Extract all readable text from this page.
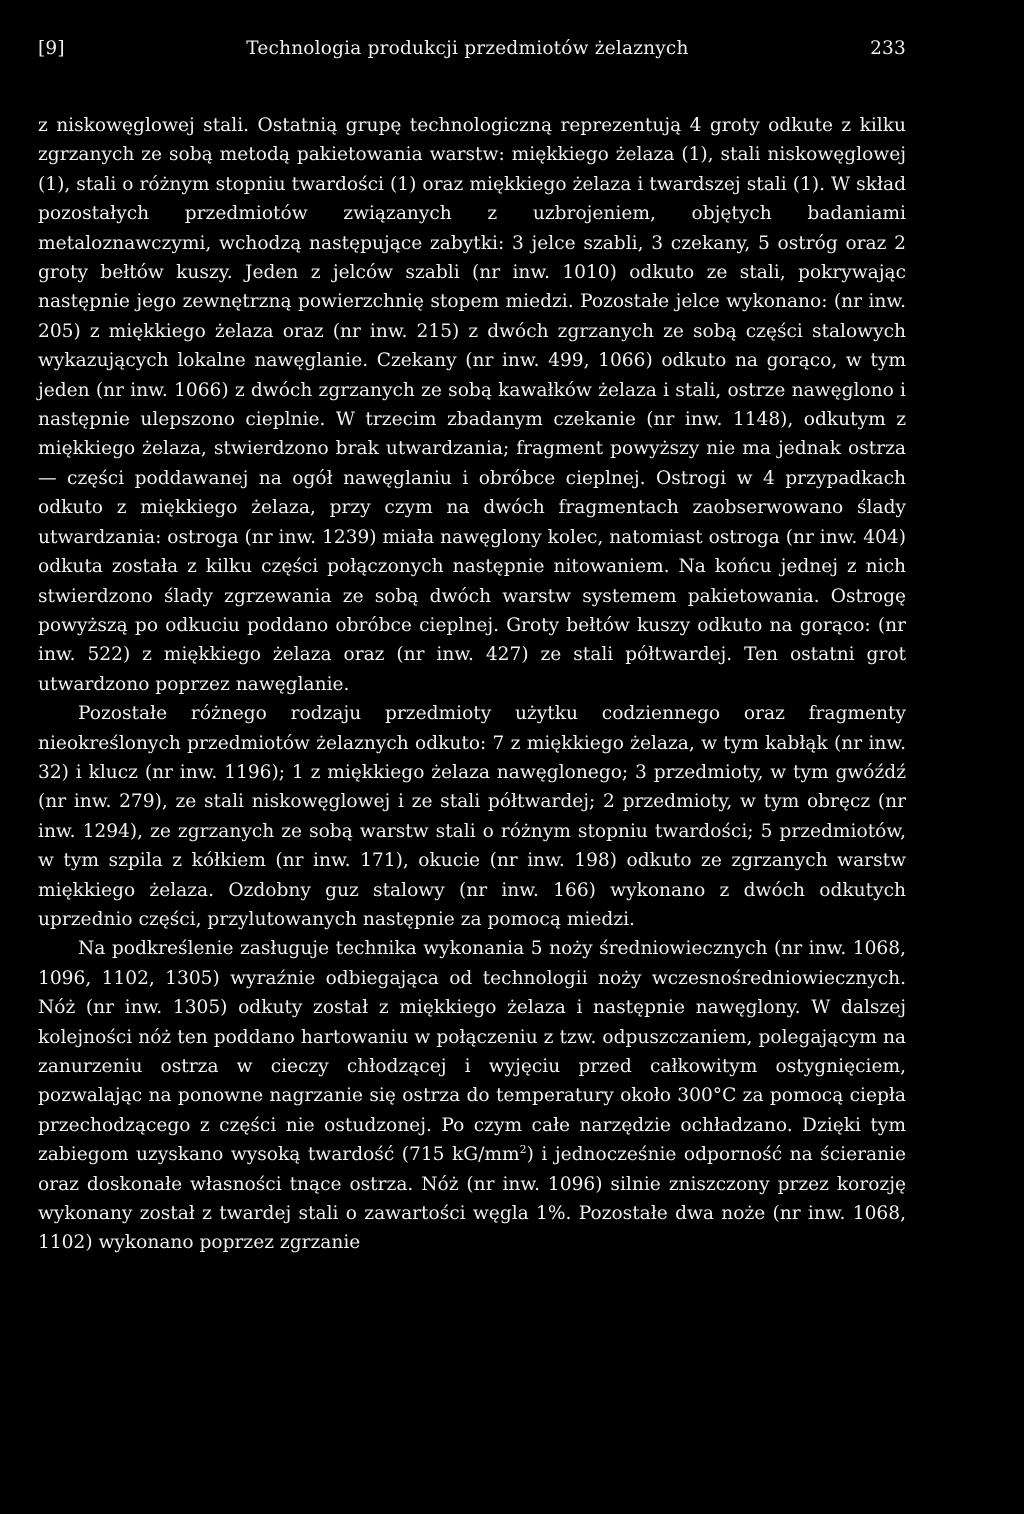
[9]	Technologia produkcji przedmiotów żelaznych	233

z niskowęglowej stali. Ostatnią grupę technologiczną reprezentują 4 groty odkute z kilku zgrzanych ze sobą metodą pakietowania warstw: miękkiego żelaza (1), stali niskowęglowej (1), stali o różnym stopniu twardości (1) oraz miękkiego żelaza i twardszej stali (1). W skład pozostałych przedmiotów związanych z uzbrojeniem, objętych badaniami metaloznawczymi, wchodzą następujące zabytki: 3 jelce szabli, 3 czekany, 5 ostróg oraz 2 groty bełtów kuszy. Jeden z jelców szabli (nr inw. 1010) odkuto ze stali, pokrywając następnie jego zewnętrzną powierzchnię stopem miedzi. Pozostałe jelce wykonano: (nr inw. 205) z miękkiego żelaza oraz (nr inw. 215) z dwóch zgrzanych ze sobą części stalowych wykazujących lokalne nawęglanie. Czekany (nr inw. 499, 1066) odkuto na gorąco, w tym jeden (nr inw. 1066) z dwóch zgrzanych ze sobą kawałków żelaza i stali, ostrze nawęglono i następnie ulepszono cieplnie. W trzecim zbadanym czekanie (nr inw. 1148), odkutym z miękkiego żelaza, stwierdzono brak utwardzania; fragment powyższy nie ma jednak ostrza — części poddawanej na ogół nawęglaniu i obróbce cieplnej. Ostrogi w 4 przypadkach odkuto z miękkiego żelaza, przy czym na dwóch fragmentach zaobserwowano ślady utwardzania: ostroga (nr inw. 1239) miała nawęglony kolec, natomiast ostroga (nr inw. 404) odkuta została z kilku części połączonych następnie nitowaniem. Na końcu jednej z nich stwierdzono ślady zgrzewania ze sobą dwóch warstw systemem pakietowania. Ostrogę powyższą po odkuciu poddano obróbce cieplnej. Groty bełtów kuszy odkuto na gorąco: (nr inw. 522) z miękkiego żelaza oraz (nr inw. 427) ze stali półtwardej. Ten ostatni grot utwardzono poprzez nawęglanie.

Pozostałe różnego rodzaju przedmioty użytku codziennego oraz fragmenty nieokreślonych przedmiotów żelaznych odkuto: 7 z miękkiego żelaza, w tym kabłąk (nr inw. 32) i klucz (nr inw. 1196); 1 z miękkiego żelaza nawęglonego; 3 przedmioty, w tym gwóźdź (nr inw. 279), ze stali niskowęglowej i ze stali półtwardej; 2 przedmioty, w tym obręcz (nr inw. 1294), ze zgrzanych ze sobą warstw stali o różnym stopniu twardości; 5 przedmiotów, w tym szpila z kółkiem (nr inw. 171), okucie (nr inw. 198) odkuto ze zgrzanych warstw miękkiego żelaza. Ozdobny guz stalowy (nr inw. 166) wykonano z dwóch odkutych uprzednio części, przylutowanych następnie za pomocą miedzi.

Na podkreślenie zasługuje technika wykonania 5 noży średniowiecznych (nr inw. 1068, 1096, 1102, 1305) wyraźnie odbiegająca od technologii noży wczesnośredniowiecznych. Nóż (nr inw. 1305) odkuty został z miękkiego żelaza i następnie nawęglony. W dalszej kolejności nóż ten poddano hartowaniu w połączeniu z tzw. odpuszczaniem, polegającym na zanurzeniu ostrza w cieczy chłodzącej i wyjęciu przed całkowitym ostygnięciem, pozwalając na ponowne nagrzanie się ostrza do temperatury około 300°C za pomocą ciepła przechodzącego z części nie ostudzonej. Po czym całe narzędzie ochładzano. Dzięki tym zabiegom uzyskano wysoką twardość (715 $kG/mm^2$) i jednocześnie odporność na ścieranie oraz doskonałe własności tnące ostrza. Nóż (nr inw. 1096) silnie zniszczony przez korozję wykonany został z twardej stali o zawartości węgla 1%. Pozostałe dwa noże (nr inw. 1068, 1102) wykonano poprzez zgrzanie
